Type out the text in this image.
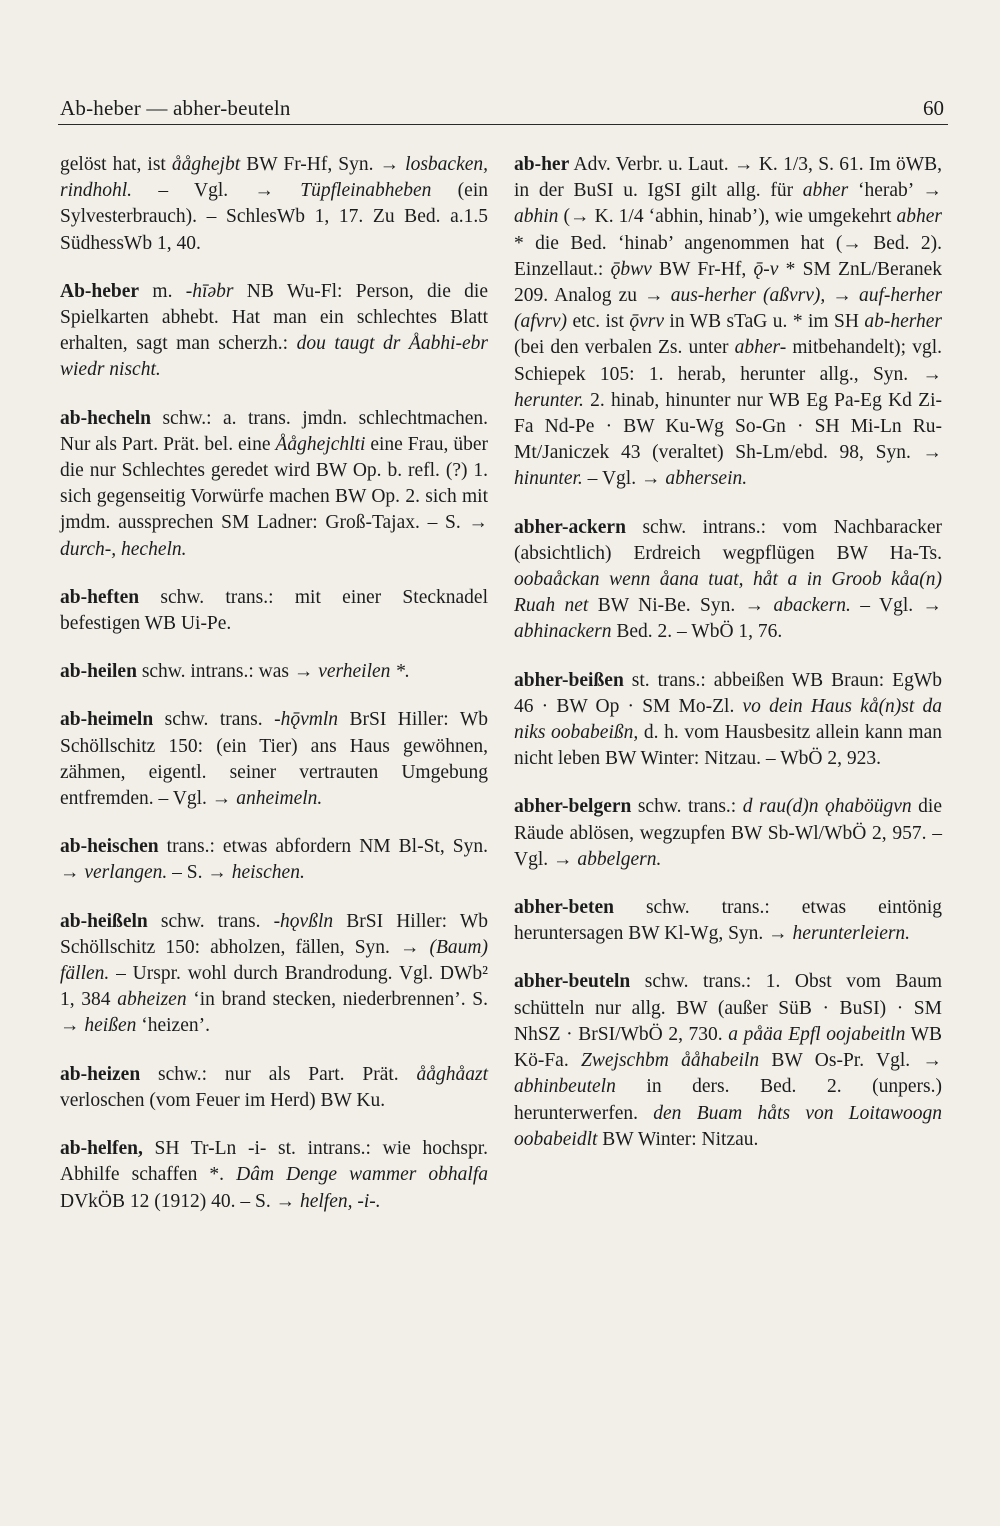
Ab-heber — abher-beuteln	60

gelöst hat, ist ååghejbt BW Fr-Hf, Syn. → losbacken, rindhohl. – Vgl. → Tüpfleinabheben (ein Sylvesterbrauch). – SchlesWb 1, 17. Zu Bed. a.1.5 SüdhessWb 1, 40.

Ab-heber m. -hīəbr NB Wu-Fl: Person, die die Spielkarten abhebt. Hat man ein schlechtes Blatt erhalten, sagt man scherzh.: dou taugt dr Åabhi-ebr wiedr nischt.

ab-hecheln schw.: a. trans. jmdn. schlechtmachen. Nur als Part. Prät. bel. eine Ååghejchlti eine Frau, über die nur Schlechtes geredet wird BW Op. b. refl. (?) 1. sich gegenseitig Vorwürfe machen BW Op. 2. sich mit jmdm. aussprechen SM Ladner: Groß-Tajax. – S. → durch-, hecheln.

ab-heften schw. trans.: mit einer Stecknadel befestigen WB Ui-Pe.

ab-heilen schw. intrans.: was → verheilen *.

ab-heimeln schw. trans. -hǭvmln BrSI Hiller: Wb Schöllschitz 150: (ein Tier) ans Haus gewöhnen, zähmen, eigentl. seiner vertrauten Umgebung entfremden. – Vgl. → anheimeln.

ab-heischen trans.: etwas abfordern NM Bl-St, Syn. → verlangen. – S. → heischen.

ab-heißeln schw. trans. -hǫvßln BrSI Hiller: Wb Schöllschitz 150: abholzen, fällen, Syn. → (Baum) fällen. – Urspr. wohl durch Brandrodung. Vgl. DWb² 1, 384 abheizen ‘in brand stecken, niederbrennen’. S. → heißen ‘heizen’.

ab-heizen schw.: nur als Part. Prät. ååghåazt verloschen (vom Feuer im Herd) BW Ku.

ab-helfen, SH Tr-Ln -i- st. intrans.: wie hochspr. Abhilfe schaffen *. Dâm Denge wammer obhalfa DVkÖB 12 (1912) 40. – S. → helfen, -i-.

ab-her Adv. Verbr. u. Laut. → K. 1/3, S. 61. Im öWB, in der BuSI u. IgSI gilt allg. für abher ‘herab’ → abhin (→ K. 1/4 ‘abhin, hinab’), wie umgekehrt abher * die Bed. ‘hinab’ angenommen hat (→ Bed. 2). Einzellaut.: ǭbwv BW Fr-Hf, ǭ-v * SM ZnL/Beranek 209. Analog zu → aus-herher (aßvrv), → auf-herher (afvrv) etc. ist ǭvrv in WB sTaG u. * im SH ab-herher (bei den verbalen Zs. unter abher- mitbehandelt); vgl. Schiepek 105: 1. herab, herunter allg., Syn. → herunter. 2. hinab, hinunter nur WB Eg Pa-Eg Kd Zi-Fa Nd-Pe · BW Ku-Wg So-Gn · SH Mi-Ln Ru-Mt/Janiczek 43 (veraltet) Sh-Lm/ebd. 98, Syn. → hinunter. – Vgl. → abhersein.

abher-ackern schw. intrans.: vom Nachbaracker (absichtlich) Erdreich wegpflügen BW Ha-Ts. oobaåckan wenn åana tuat, håt a in Groob kåa(n) Ruah net BW Ni-Be. Syn. → abackern. – Vgl. → abhinackern Bed. 2. – WbÖ 1, 76.

abher-beißen st. trans.: abbeißen WB Braun: EgWb 46 · BW Op · SM Mo-Zl. vo dein Haus kå(n)st da niks oobabeißn, d. h. vom Hausbesitz allein kann man nicht leben BW Winter: Nitzau. – WbÖ 2, 923.

abher-belgern schw. trans.: d rau(d)n ǫhaböügvn die Räude ablösen, wegzupfen BW Sb-Wl/WbÖ 2, 957. – Vgl. → abbelgern.

abher-beten schw. trans.: etwas eintönig heruntersagen BW Kl-Wg, Syn. → herunterleiern.

abher-beuteln schw. trans.: 1. Obst vom Baum schütteln nur allg. BW (außer SüB · BuSI) · SM NhSZ · BrSI/WbÖ 2, 730. a påäa Epfl oojabeitln WB Kö-Fa. Zwejschbm ååhabeiln BW Os-Pr. Vgl. → abhinbeuteln in ders. Bed. 2. (unpers.) herunterwerfen. den Buam håts von Loitawoogn oobabeidlt BW Winter: Nitzau.
